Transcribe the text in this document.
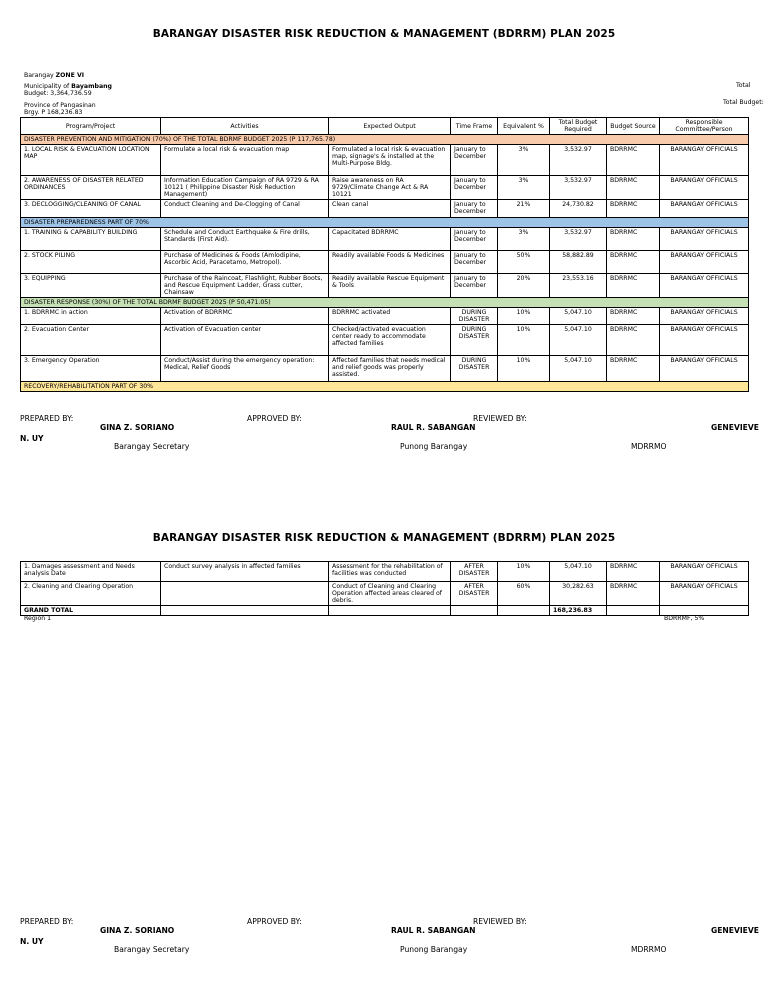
BARANGAY DISASTER RISK REDUCTION & MANAGEMENT (BDRRM) PLAN 2025
Barangay ZONE VI
Municipality of Bayambang
Budget: 3,364,736.59
Province of Pangasinan
Brgy. P 168,236.83
Total
Total Budget:
Program/Project	Activities	Expected Output	Time Frame	Equivalent %	Total Budget Required	Budget Source	Responsible Committee/Person
DISASTER PREVENTION AND MITIGATION (70%) OF THE TOTAL BDRMF BUDGET 2025 (P 117,765.78)							
1. LOCAL RISK & EVACUATION LOCATION MAP	Formulate a local risk & evacuation map	Formulated a local risk & evacuation map, signage's & installed at the Multi-Purpose Bldg.	January to December	3%	3,532.97	BDRRMC	BARANGAY OFFICIALS
2. AWARENESS OF DISASTER RELATED ORDINANCES	Information Education Campaign of RA 9729 & RA 10121 ( Philippine Disaster Risk Reduction Management)	Raise awareness on RA 9729/Climate Change Act & RA 10121	January to December	3%	3,532.97	BDRRMC	BARANGAY OFFICIALS
3. DECLOGGING/CLEANING OF CANAL	Conduct Cleaning and De-Clogging of Canal	Clean canal	January to December	21%	24,730.82	BDRRMC	BARANGAY OFFICIALS
DISASTER PREPAREDNESS PART OF 70%							
1. TRAINING & CAPABILITY BUILDING	Schedule and Conduct Earthquake & Fire drills, Standards (First Aid).	Capacitated BDRRMC	January to December	3%	3,532.97	BDRRMC	BARANGAY OFFICIALS
2. STOCK PILING	Purchase of Medicines & Foods (Amlodipine, Ascorbic Acid, Paracetamo, Metropol).	Readily available Foods & Medicines	January to December	50%	58,882.89	BDRRMC	BARANGAY OFFICIALS
3. EQUIPPING	Purchase of the Raincoat, Flashlight, Rubber Boots, and Rescue Equipment Ladder, Grass cutter, Chainsaw	Readily available Rescue Equipment & Tools	January to December	20%	23,553.16	BDRRMC	BARANGAY OFFICIALS
DISASTER RESPONSE (30%) OF THE TOTAL BDRMF BUDGET 2025 (P 50,471.05)							
1. BDRRMC in action	Activation of BDRRMC	BDRRMC activated	DURING DISASTER	10%	5,047.10	BDRRMC	BARANGAY OFFICIALS
2. Evacuation Center	Activation of Evacuation center	Checked/activated evacuation center ready to accommodate affected families	DURING DISASTER	10%	5,047.10	BDRRMC	BARANGAY OFFICIALS
3. Emergency Operation	Conduct/Assist during the emergency operation: Medical, Relief Goods	Affected families that needs medical and relief goods was properly assisted.	DURING DISASTER	10%	5,047.10	BDRRMC	BARANGAY OFFICIALS
RECOVERY/REHABILITATION PART OF 30%							
PREPARED BY:	APPROVED BY:	REVIEWED BY:
GINA Z. SORIANO	RAUL R. SABANGAN	GENEVIEVE
N. UY
Barangay Secretary	Punong Barangay	MDRRMO
BARANGAY DISASTER RISK REDUCTION & MANAGEMENT (BDRRM) PLAN 2025
1. Damages assessment and Needs analysis Date	Conduct survey analysis in affected families	Assessment for the rehabilitation of facilities was conducted	AFTER DISASTER	10%	5,047.10	BDRRMC	BARANGAY OFFICIALS
2. Cleaning and Clearing Operation		Conduct of Cleaning and Clearing Operation affected areas cleared of debris.	AFTER DISASTER	60%	30,282.63	BDRRMC	BARANGAY OFFICIALS
GRAND TOTAL					168,236.83		
Region 1	BDRRMF, 5%
PREPARED BY:	APPROVED BY:	REVIEWED BY:
GINA Z. SORIANO	RAUL R. SABANGAN	GENEVIEVE
N. UY
Barangay Secretary	Punong Barangay	MDRRMO
